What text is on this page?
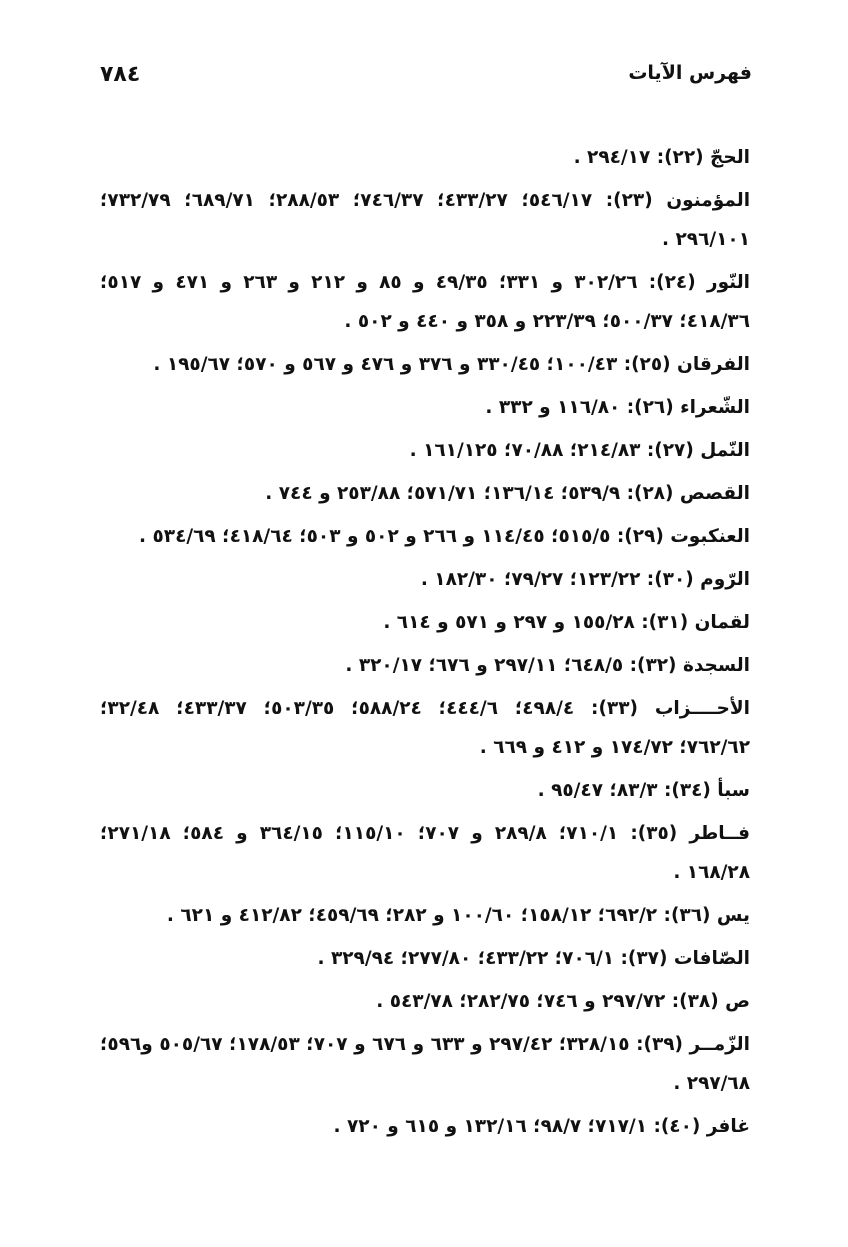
٧٨٤	فهرس الآيات

الحجّ (٢٢): ٢٩٤/١٧ .

المؤمنون (٢٣): ٥٤٦/١٧؛ ٤٣٣/٢٧؛ ٧٤٦/٣٧؛ ٢٨٨/٥٣؛ ٦٨٩/٧١؛ ٧٣٢/٧٩؛ ٢٩٦/١٠١ .

النّور (٢٤): ٣٠٢/٢٦ و ٣٣١؛ ٤٩/٣٥ و ٨٥ و ٢١٢ و ٢٦٣ و ٤٧١ و ٥١٧؛ ٤١٨/٣٦؛ ٥٠٠/٣٧؛ ٢٢٣/٣٩ و ٣٥٨ و ٤٤٠ و ٥٠٢ .

الفرقان (٢٥): ١٠٠/٤٣؛ ٣٣٠/٤٥ و ٣٧٦ و ٤٧٦ و ٥٦٧ و ٥٧٠؛ ١٩٥/٦٧ .

الشّعراء (٢٦): ١١٦/٨٠ و ٣٣٢ .

النّمل (٢٧): ٢١٤/٨٣؛ ٧٠/٨٨؛ ١٦١/١٢٥ .

القصص (٢٨): ٥٣٩/٩؛ ١٣٦/١٤؛ ٥٧١/٧١؛ ٢٥٣/٨٨ و ٧٤٤ .

العنكبوت (٢٩): ٥١٥/٥؛ ١١٤/٤٥ و ٢٦٦ و ٥٠٢ و ٥٠٣؛ ٤١٨/٦٤؛ ٥٣٤/٦٩ .

الرّوم (٣٠): ١٢٣/٢٢؛ ٧٩/٢٧؛ ١٨٢/٣٠ .

لقمان (٣١): ١٥٥/٢٨ و ٢٩٧ و ٥٧١ و ٦١٤ .

السجدة (٣٢): ٦٤٨/٥؛ ٢٩٧/١١ و ٦٧٦؛ ٣٢٠/١٧ .

الأحــــزاب (٣٣): ٤٩٨/٤؛ ٤٤٤/٦؛ ٥٨٨/٢٤؛ ٥٠٣/٣٥؛ ٤٣٣/٣٧؛ ٣٢/٤٨؛ ٧٦٢/٦٢؛ ١٧٤/٧٢ و ٤١٢ و ٦٦٩ .

سبأ (٣٤): ٨٣/٣؛ ٩٥/٤٧ .

فــاطر (٣٥): ٧١٠/١؛ ٢٨٩/٨ و ٧٠٧؛ ١١٥/١٠؛ ٣٦٤/١٥ و ٥٨٤؛ ٢٧١/١٨؛ ١٦٨/٢٨ .

يس (٣٦): ٦٩٢/٢؛ ١٥٨/١٢؛ ١٠٠/٦٠ و ٢٨٢؛ ٤٥٩/٦٩؛ ٤١٢/٨٢ و ٦٢١ .

الصّافات (٣٧): ٧٠٦/١؛ ٤٣٣/٢٢؛ ٢٧٧/٨٠؛ ٣٢٩/٩٤ .

ص (٣٨): ٢٩٧/٧٢ و ٧٤٦؛ ٢٨٢/٧٥؛ ٥٤٣/٧٨ .

الزّمــر (٣٩): ٣٢٨/١٥؛ ٢٩٧/٤٢ و ٦٣٣ و ٦٧٦ و ٧٠٧؛ ١٧٨/٥٣؛ ٥٠٥/٦٧ و٥٩٦؛ ٢٩٧/٦٨ .

غافر (٤٠): ٧١٧/١؛ ٩٨/٧؛ ١٣٢/١٦ و ٦١٥ و ٧٢٠ .
